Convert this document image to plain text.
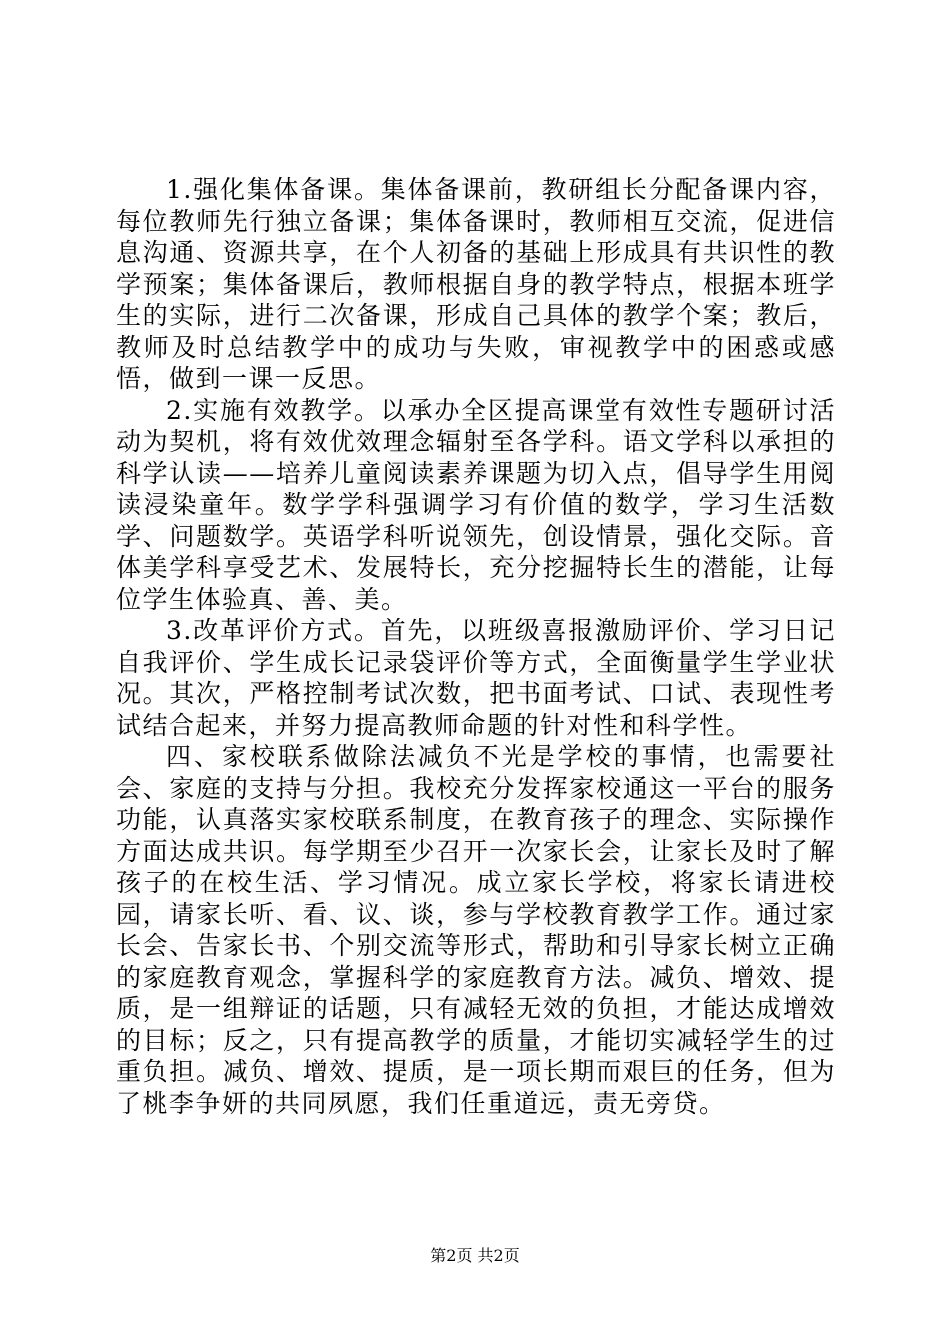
1.强化集体备课。集体备课前，教研组长分配备课内容，每位教师先行独立备课；集体备课时，教师相互交流，促进信息沟通、资源共享，在个人初备的基础上形成具有共识性的教学预案；集体备课后，教师根据自身的教学特点，根据本班学生的实际，进行二次备课，形成自己具体的教学个案；教后，教师及时总结教学中的成功与失败，审视教学中的困惑或感悟，做到一课一反思。

2.实施有效教学。以承办全区提高课堂有效性专题研讨活动为契机，将有效优效理念辐射至各学科。语文学科以承担的科学认读——培养儿童阅读素养课题为切入点，倡导学生用阅读浸染童年。数学学科强调学习有价值的数学，学习生活数学、问题数学。英语学科听说领先，创设情景，强化交际。音体美学科享受艺术、发展特长，充分挖掘特长生的潜能，让每位学生体验真、善、美。

3.改革评价方式。首先，以班级喜报激励评价、学习日记自我评价、学生成长记录袋评价等方式，全面衡量学生学业状况。其次，严格控制考试次数，把书面考试、口试、表现性考试结合起来，并努力提高教师命题的针对性和科学性。

四、家校联系做除法减负不光是学校的事情，也需要社会、家庭的支持与分担。我校充分发挥家校通这一平台的服务功能，认真落实家校联系制度，在教育孩子的理念、实际操作方面达成共识。每学期至少召开一次家长会，让家长及时了解孩子的在校生活、学习情况。成立家长学校，将家长请进校园，请家长听、看、议、谈，参与学校教育教学工作。通过家长会、告家长书、个别交流等形式，帮助和引导家长树立正确的家庭教育观念，掌握科学的家庭教育方法。减负、增效、提质，是一组辩证的话题，只有减轻无效的负担，才能达成增效的目标；反之，只有提高教学的质量，才能切实减轻学生的过重负担。减负、增效、提质，是一项长期而艰巨的任务，但为了桃李争妍的共同夙愿，我们任重道远，责无旁贷。

第2页 共2页
